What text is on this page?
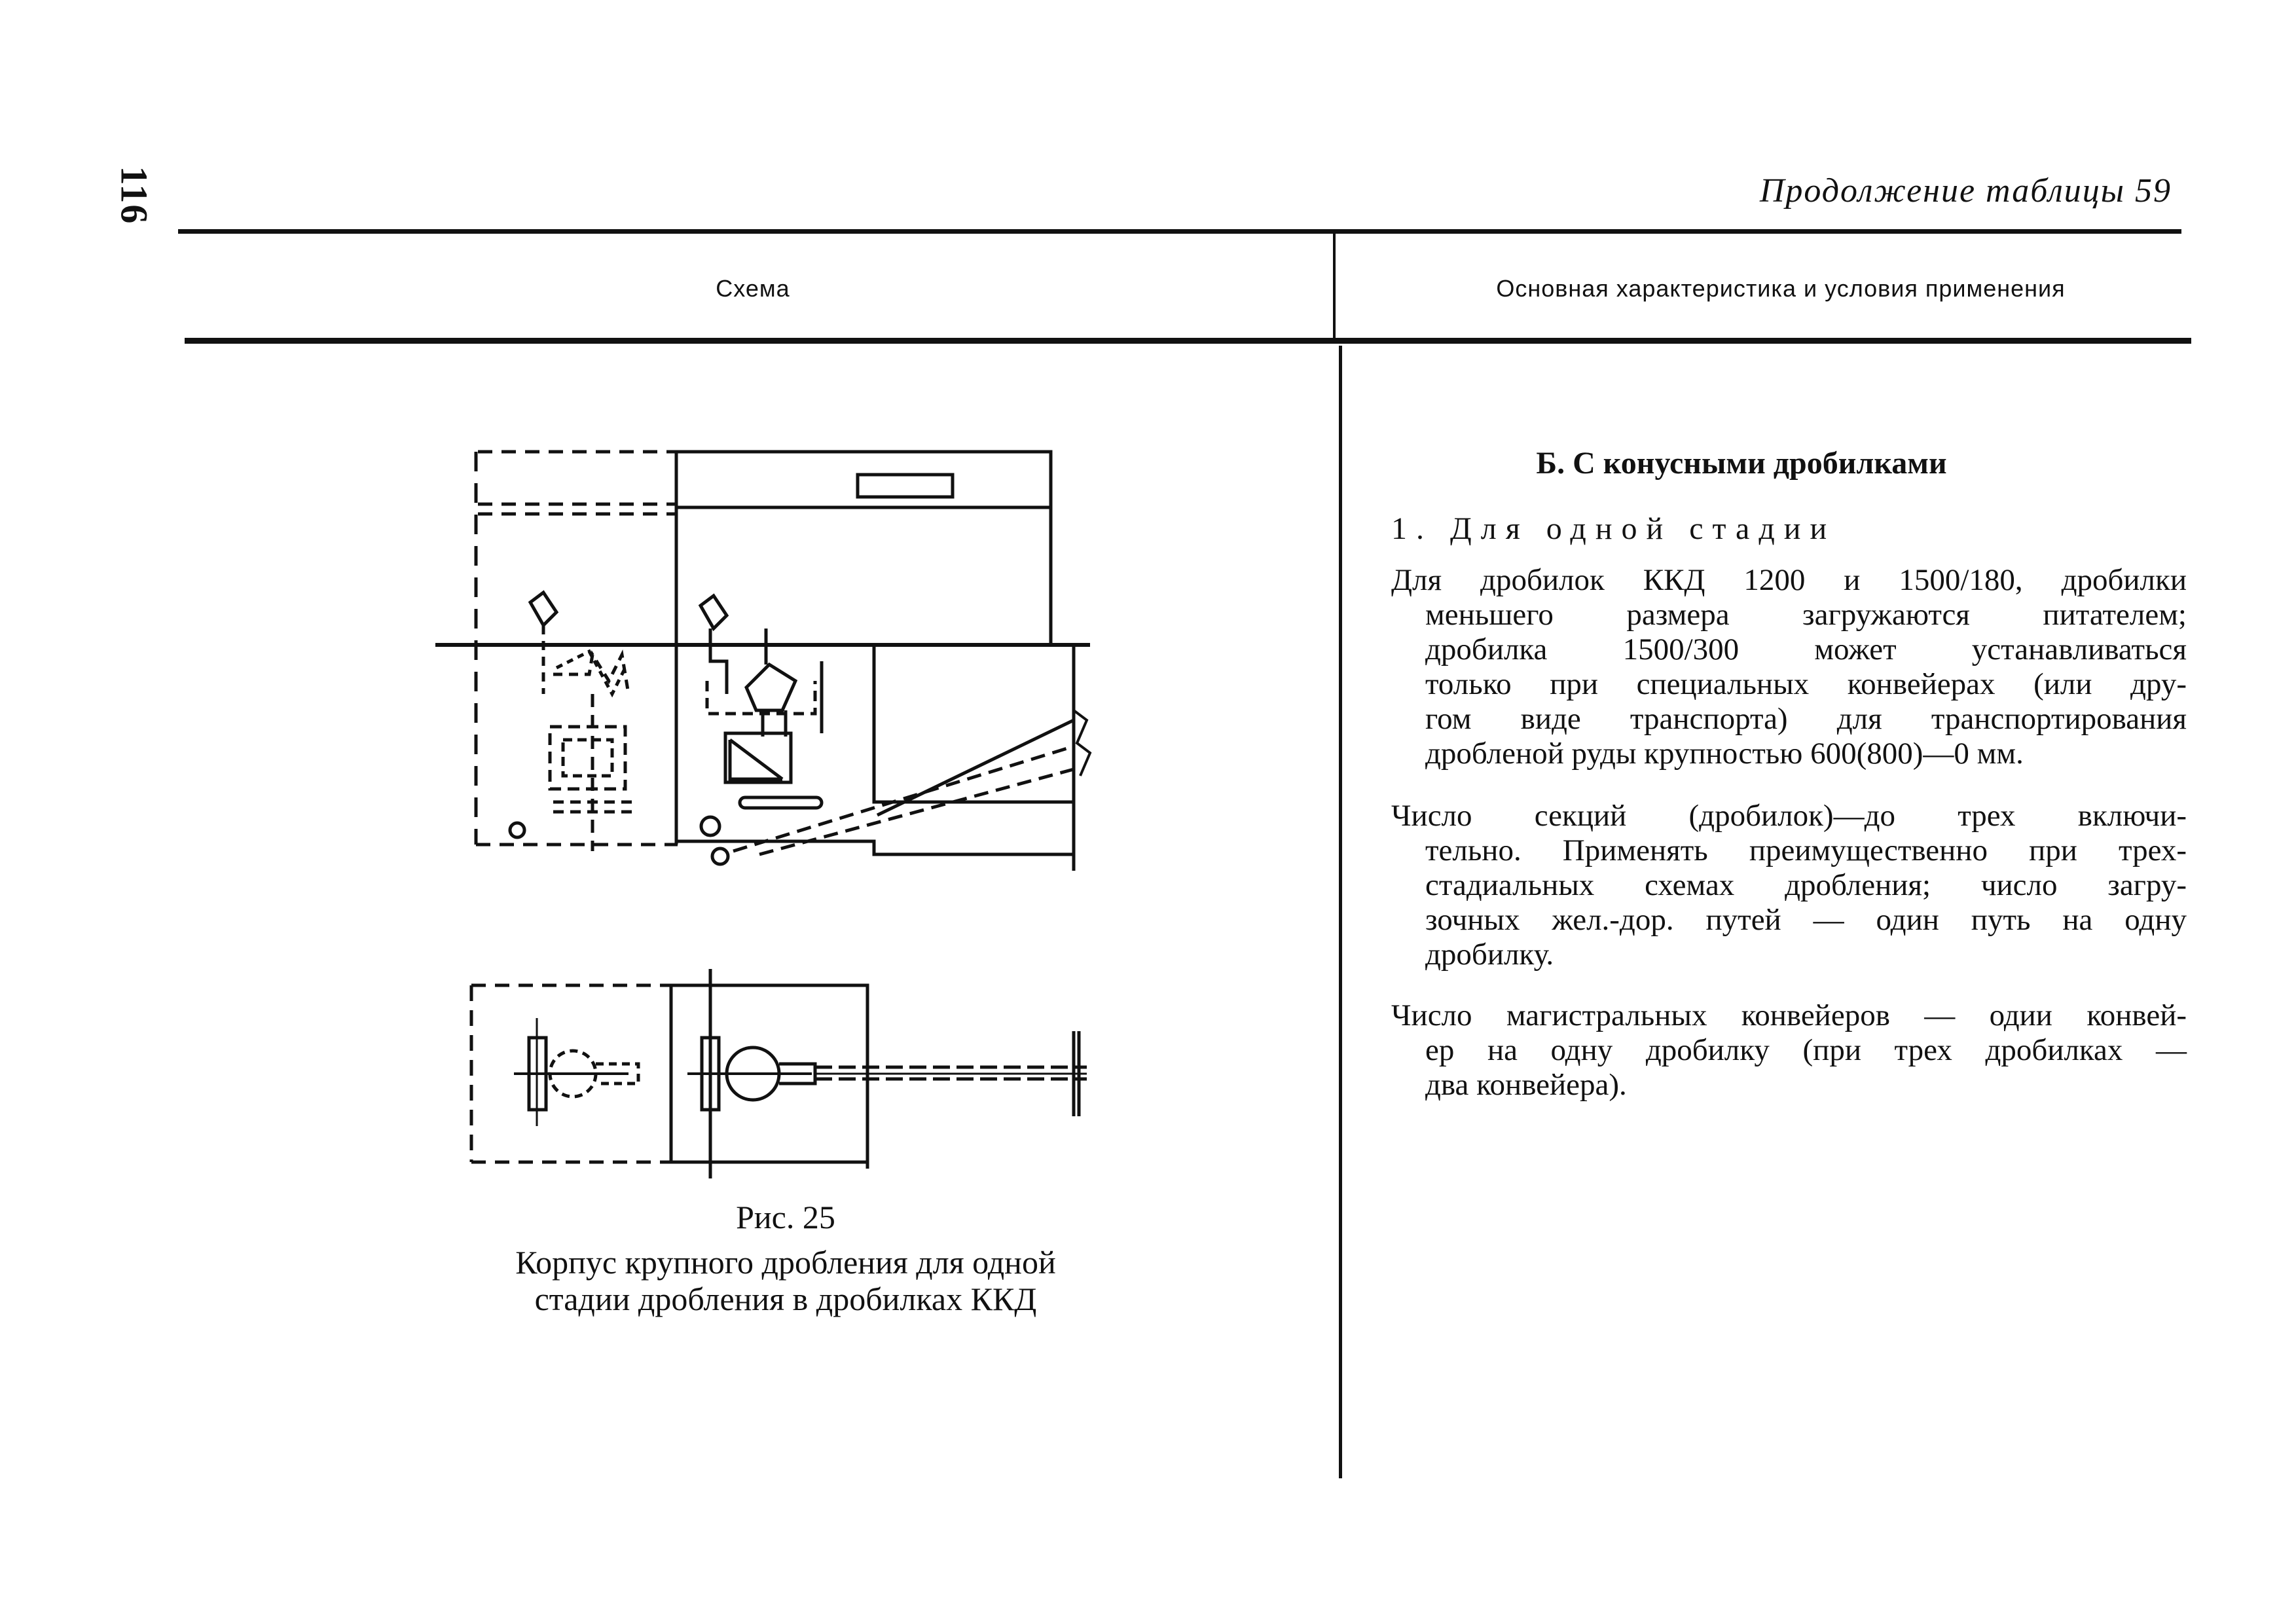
116	Продолжение таблицы 59
Схема	Основная характеристика и условия применения
Рис. 25
Корпус крупного дробления для одной
стадии дробления в дробилках ККД
Б. С конусными дробилками
1. Для одной стадии
Для дробилок ККД 1200 и 1500/180, дробилки
меньшего размера загружаются питателем;
дробилка 1500/300 может устанавливаться
только при специальных конвейерах (или дру-
гом виде транспорта) для транспортирования
дробленой руды крупностью 600(800)—0 мм.
Число секций (дробилок)—до трех включи-
тельно. Применять преимущественно при трех-
стадиальных схемах дробления; число загру-
зочных жел.-дор. путей — один путь на одну
дробилку.
Число магистральных конвейеров — одии конвей-
ер на одну дробилку (при трех дробилках —
два конвейера).
